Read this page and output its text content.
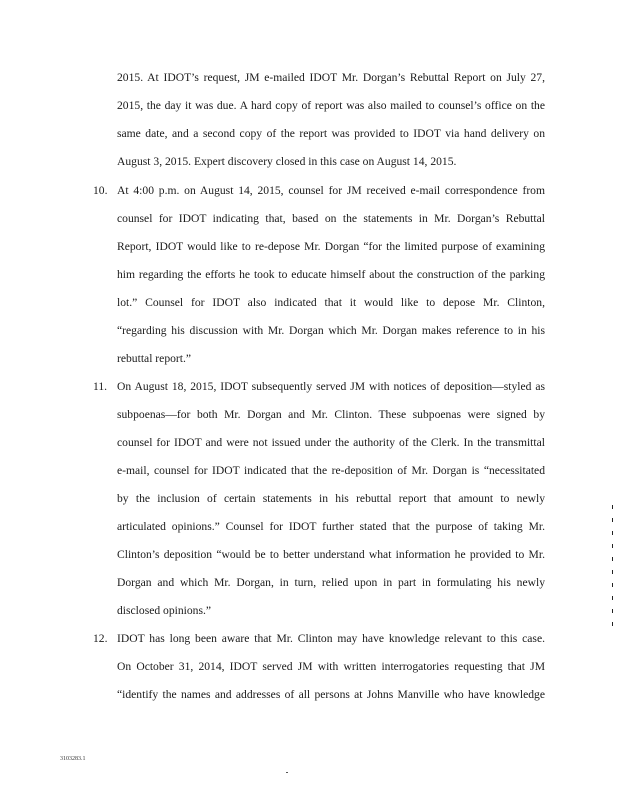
2015. At IDOT’s request, JM e-mailed IDOT Mr. Dorgan’s Rebuttal Report on July 27,
2015, the day it was due. A hard copy of report was also mailed to counsel’s office on the
same date, and a second copy of the report was provided to IDOT via hand delivery on
August 3, 2015. Expert discovery closed in this case on August 14, 2015.
10. At 4:00 p.m. on August 14, 2015, counsel for JM received e-mail correspondence from
counsel for IDOT indicating that, based on the statements in Mr. Dorgan’s Rebuttal
Report, IDOT would like to re-depose Mr. Dorgan “for the limited purpose of examining
him regarding the efforts he took to educate himself about the construction of the parking
lot.” Counsel for IDOT also indicated that it would like to depose Mr. Clinton,
“regarding his discussion with Mr. Dorgan which Mr. Dorgan makes reference to in his
rebuttal report.”
11. On August 18, 2015, IDOT subsequently served JM with notices of deposition—styled as
subpoenas—for both Mr. Dorgan and Mr. Clinton. These subpoenas were signed by
counsel for IDOT and were not issued under the authority of the Clerk. In the transmittal
e-mail, counsel for IDOT indicated that the re-deposition of Mr. Dorgan is “necessitated
by the inclusion of certain statements in his rebuttal report that amount to newly
articulated opinions.” Counsel for IDOT further stated that the purpose of taking Mr.
Clinton’s deposition “would be to better understand what information he provided to Mr.
Dorgan and which Mr. Dorgan, in turn, relied upon in part in formulating his newly
disclosed opinions.”
12. IDOT has long been aware that Mr. Clinton may have knowledge relevant to this case.
On October 31, 2014, IDOT served JM with written interrogatories requesting that JM
“identify the names and addresses of all persons at Johns Manville who have knowledge
3103283.1
